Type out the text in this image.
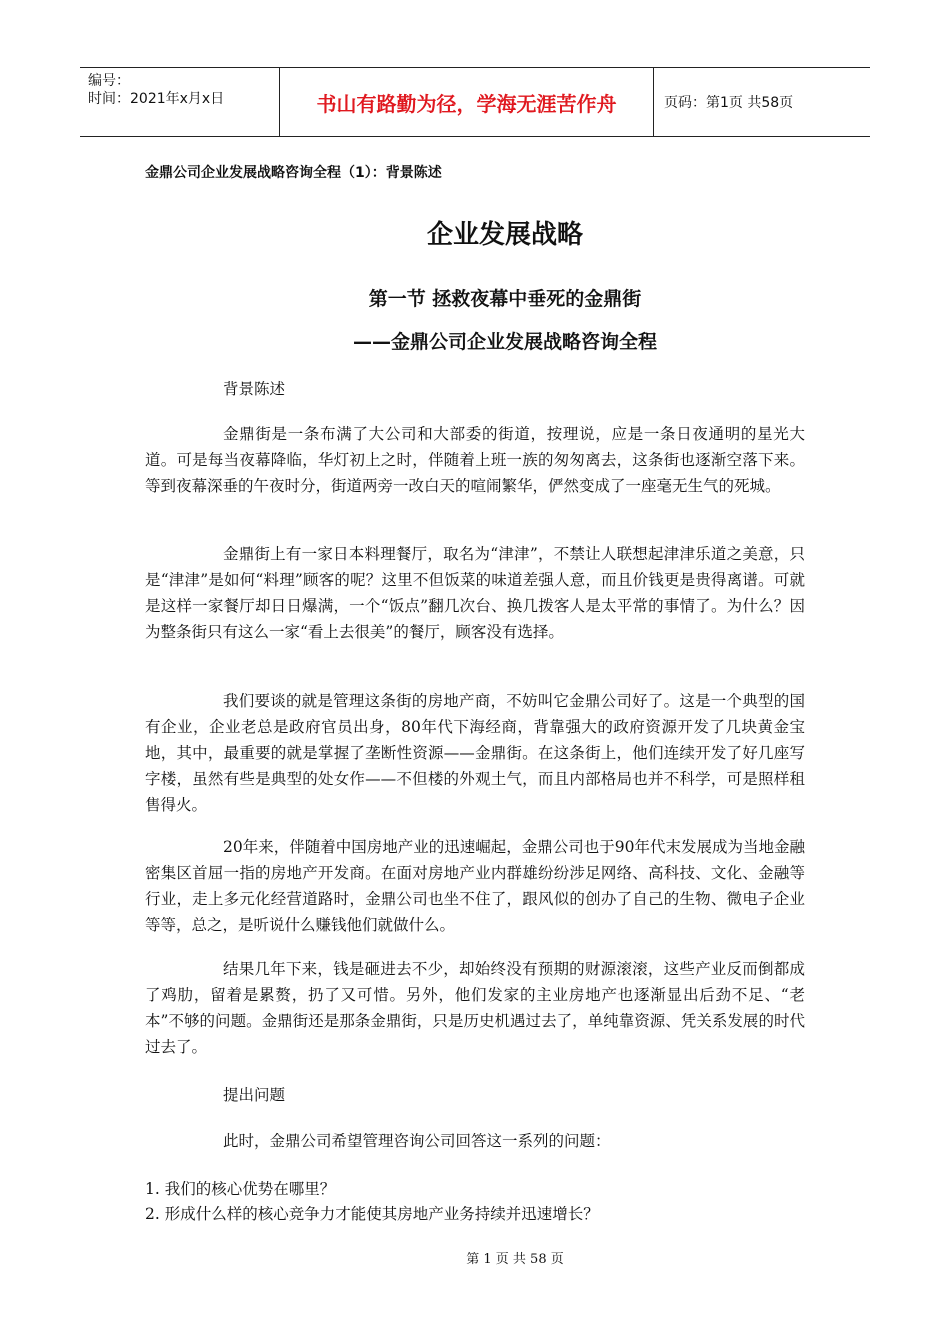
编号：
时间：2021年x月x日	书山有路勤为径，学海无涯苦作舟	页码：第1页 共58页
金鼎公司企业发展战略咨询全程（1）：背景陈述
企业发展战略
第一节 拯救夜幕中垂死的金鼎街
——金鼎公司企业发展战略咨询全程
背景陈述

金鼎街是一条布满了大公司和大部委的街道，按理说，应是一条日夜通明的星光大道。可是每当夜幕降临，华灯初上之时，伴随着上班一族的匆匆离去，这条街也逐渐空落下来。等到夜幕深垂的午夜时分，街道两旁一改白天的喧闹繁华，俨然变成了一座毫无生气的死城。

金鼎街上有一家日本料理餐厅，取名为“津津”，不禁让人联想起津津乐道之美意，只是“津津”是如何“料理”顾客的呢？这里不但饭菜的味道差强人意，而且价钱更是贵得离谱。可就是这样一家餐厅却日日爆满，一个“饭点”翻几次台、换几拨客人是太平常的事情了。为什么？因为整条街只有这么一家“看上去很美”的餐厅，顾客没有选择。

我们要谈的就是管理这条街的房地产商，不妨叫它金鼎公司好了。这是一个典型的国有企业，企业老总是政府官员出身，80年代下海经商，背靠强大的政府资源开发了几块黄金宝地，其中，最重要的就是掌握了垄断性资源——金鼎街。在这条街上，他们连续开发了好几座写字楼，虽然有些是典型的处女作——不但楼的外观土气，而且内部格局也并不科学，可是照样租售得火。

20年来，伴随着中国房地产业的迅速崛起，金鼎公司也于90年代末发展成为当地金融密集区首屈一指的房地产开发商。在面对房地产业内群雄纷纷涉足网络、高科技、文化、金融等行业，走上多元化经营道路时，金鼎公司也坐不住了，跟风似的创办了自己的生物、微电子企业等等，总之，是听说什么赚钱他们就做什么。

结果几年下来，钱是砸进去不少，却始终没有预期的财源滚滚，这些产业反而倒都成了鸡肋，留着是累赘，扔了又可惜。另外，他们发家的主业房地产也逐渐显出后劲不足、“老本”不够的问题。金鼎街还是那条金鼎街，只是历史机遇过去了，单纯靠资源、凭关系发展的时代过去了。

提出问题
此时，金鼎公司希望管理咨询公司回答这一系列的问题：
1. 我们的核心优势在哪里？
2. 形成什么样的核心竞争力才能使其房地产业务持续并迅速增长？
第 1 页 共 58 页
